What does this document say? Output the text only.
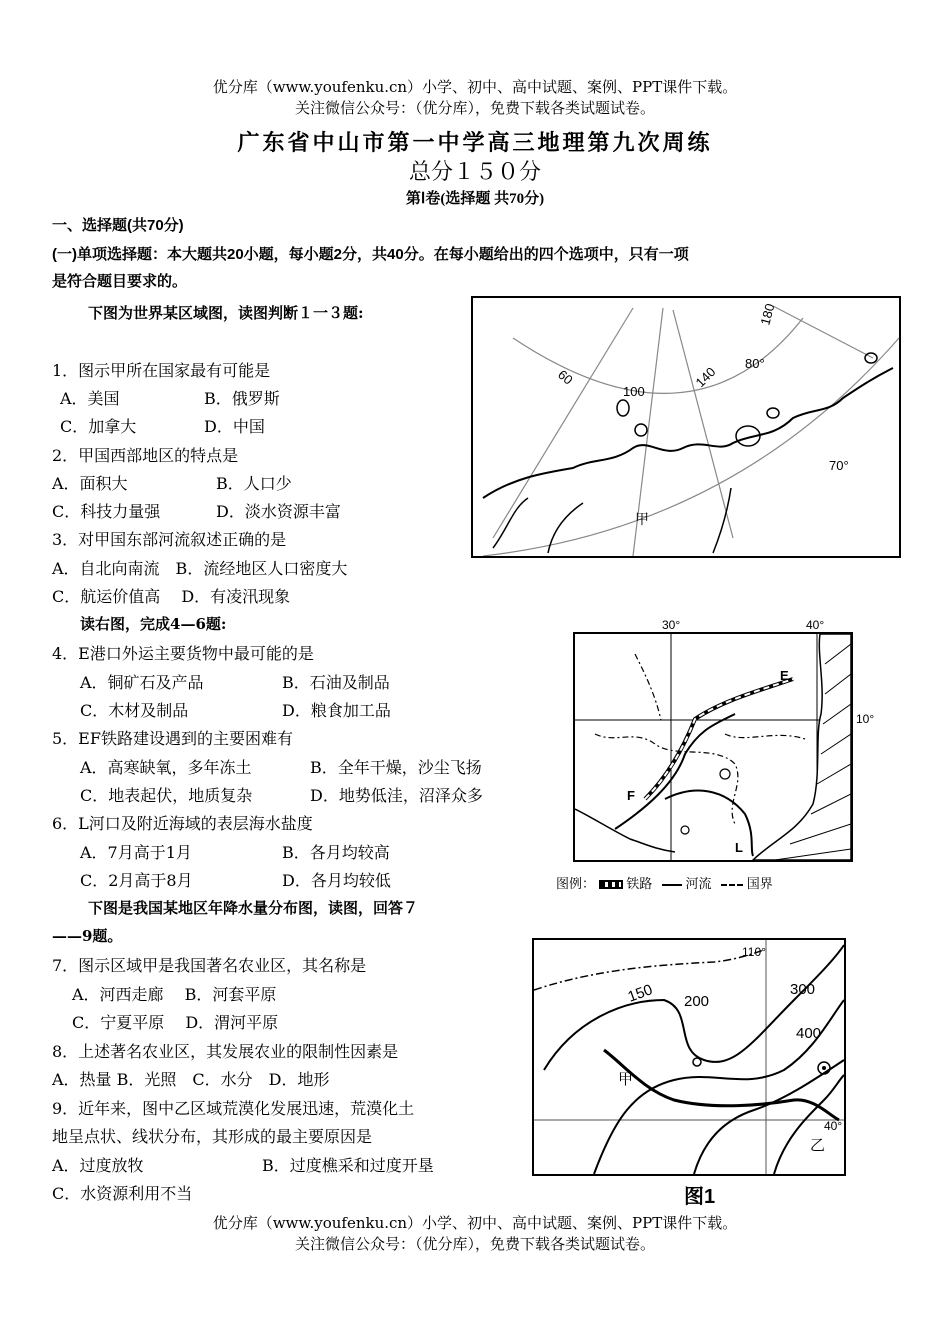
优分库（www.youfenku.cn）小学、初中、高中试题、案例、PPT课件下载。
关注微信公众号：（优分库），免费下载各类试题试卷。
广东省中山市第一中学高三地理第九次周练
总分１５０分
第Ⅰ卷(选择题 共70分)
一、选择题(共70分)
(一)单项选择题：本大题共20小题，每小题2分，共40分。在每小题给出的四个选项中，只有一项
是符合题目要求的。
下图为世界某区域图，读图判断１一３题:
1．图示甲所在国家最有可能是
A．美国	B．俄罗斯
C．加拿大	D．中国
2．甲国西部地区的特点是
A．面积大	B．人口少
C．科技力量强	D．淡水资源丰富
3．对甲国东部河流叙述正确的是
A．自北向南流　B．流经地区人口密度大
C．航运价值高　 D．有凌汛现象
读右图，完成4—6题:
4．E港口外运主要货物中最可能的是
A．铜矿石及产品	B．石油及制品
C．木材及制品	D．粮食加工品
5．EF铁路建设遇到的主要困难有
A．高寒缺氧，多年冻土	B．全年干燥，沙尘飞扬
C．地表起伏，地质复杂	D．地势低洼，沼泽众多
6．L河口及附近海域的表层海水盐度
A．7月高于1月	B．各月均较高
C．2月高于8月	D．各月均较低
下图是我国某地区年降水量分布图，读图，回答７
——9题。
7．图示区域甲是我国著名农业区，其名称是
A．河西走廊　 B．河套平原
C．宁夏平原　 D．渭河平原
8．上述著名农业区，其发展农业的限制性因素是
A．热量 B．光照　C．水分　D．地形
9．近年来，图中乙区域荒漠化发展迅速，荒漠化土
地呈点状、线状分布，其形成的最主要原因是
A．过度放牧	B．过度樵采和过度开垦
C．水资源利用不当
60
100
140
180
80°
70°
甲
E
F
L
40°
30°
10°
图例： 铁路	河流	国界
110°
150 200
300
400
40°
甲
乙
图1
优分库（www.youfenku.cn）小学、初中、高中试题、案例、PPT课件下载。
关注微信公众号：（优分库），免费下载各类试题试卷。
